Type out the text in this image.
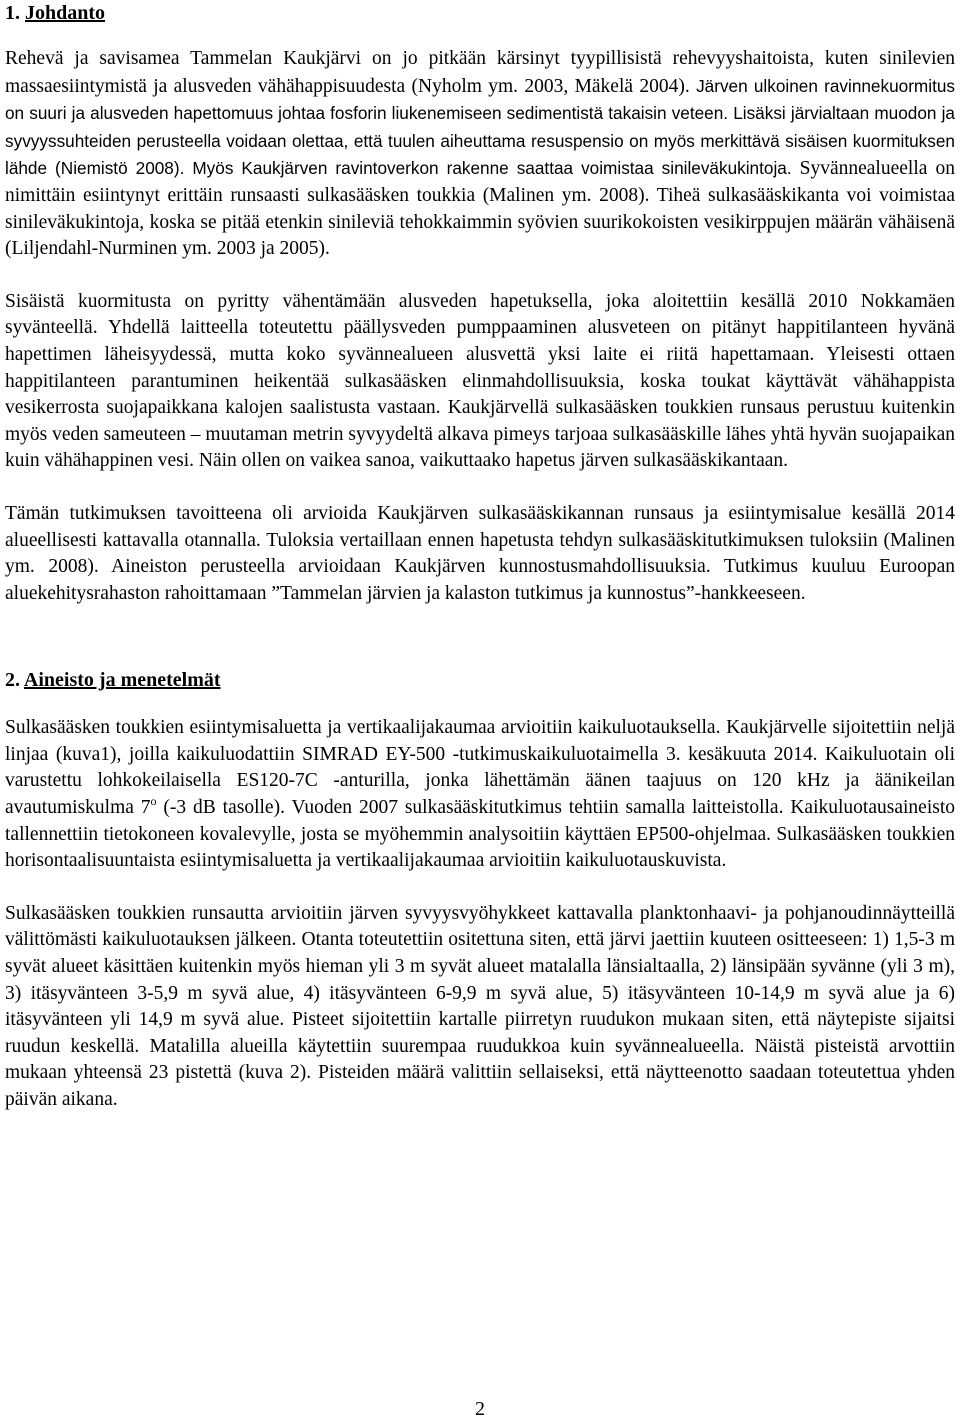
1. Johdanto

Rehevä ja savisamea Tammelan Kaukjärvi on jo pitkään kärsinyt tyypillisistä rehevyyshaitoista, kuten sinilevien massaesiintymistä ja alusveden vähähappisuudesta (Nyholm ym. 2003, Mäkelä 2004). Järven ulkoinen ravinnekuormitus on suuri ja alusveden hapettomuus johtaa fosforin liukenemiseen sedimentistä takaisin veteen. Lisäksi järvialtaan muodon ja syvyyssuhteiden perusteella voidaan olettaa, että tuulen aiheuttama resuspensio on myös merkittävä sisäisen kuormituksen lähde (Niemistö 2008). Myös Kaukjärven ravintoverkon rakenne saattaa voimistaa sinileväkukintoja. Syvännealueella on nimittäin esiintynyt erittäin runsaasti sulkasääsken toukkia (Malinen ym. 2008). Tiheä sulkasääskikanta voi voimistaa sinileväkukintoja, koska se pitää etenkin sinileviä tehokkaimmin syövien suurikokoisten vesikirppujen määrän vähäisenä (Liljendahl-Nurminen ym. 2003 ja 2005).

Sisäistä kuormitusta on pyritty vähentämään alusveden hapetuksella, joka aloitettiin kesällä 2010 Nokkamäen syvänteellä. Yhdellä laitteella toteutettu päällysveden pumppaaminen alusveteen on pitänyt happitilanteen hyvänä hapettimen läheisyydessä, mutta koko syvännealueen alusvettä yksi laite ei riitä hapettamaan. Yleisesti ottaen happitilanteen parantuminen heikentää sulkasääsken elinmahdollisuuksia, koska toukat käyttävät vähähappista vesikerrosta suojapaikkana kalojen saalistusta vastaan. Kaukjärvellä sulkasääsken toukkien runsaus perustuu kuitenkin myös veden sameuteen – muutaman metrin syvyydeltä alkava pimeys tarjoaa sulkasääskille lähes yhtä hyvän suojapaikan kuin vähähappinen vesi. Näin ollen on vaikea sanoa, vaikuttaako hapetus järven sulkasääskikantaan.

Tämän tutkimuksen tavoitteena oli arvioida Kaukjärven sulkasääskikannan runsaus ja esiintymisalue kesällä 2014 alueellisesti kattavalla otannalla. Tuloksia vertaillaan ennen hapetusta tehdyn sulkasääskitutkimuksen tuloksiin (Malinen ym. 2008). Aineiston perusteella arvioidaan Kaukjärven kunnostusmahdollisuuksia. Tutkimus kuuluu Euroopan aluekehitysrahaston rahoittamaan ”Tammelan järvien ja kalaston tutkimus ja kunnostus”-hankkeeseen.

2. Aineisto ja menetelmät

Sulkasääsken toukkien esiintymisaluetta ja vertikaalijakaumaa arvioitiin kaikuluotauksella. Kaukjärvelle sijoitettiin neljä linjaa (kuva1), joilla kaikuluodattiin SIMRAD EY-500 -tutkimuskaikuluotaimella 3. kesäkuuta 2014. Kaikuluotain oli varustettu lohkokeilaisella ES120-7C -anturilla, jonka lähettämän äänen taajuus on 120 kHz ja äänikeilan avautumiskulma 7$^o$ (-3 dB tasolle). Vuoden 2007 sulkasääskitutkimus tehtiin samalla laitteistolla. Kaikuluotausaineisto tallennettiin tietokoneen kovalevylle, josta se myöhemmin analysoitiin käyttäen EP500-ohjelmaa. Sulkasääsken toukkien horisontaalisuuntaista esiintymisaluetta ja vertikaalijakaumaa arvioitiin kaikuluotauskuvista.

Sulkasääsken toukkien runsautta arvioitiin järven syvyysvyöhykkeet kattavalla planktonhaavi- ja pohjanoudinnäytteillä välittömästi kaikuluotauksen jälkeen. Otanta toteutettiin ositettuna siten, että järvi jaettiin kuuteen ositteeseen: 1) 1,5-3 m syvät alueet käsittäen kuitenkin myös hieman yli 3 m syvät alueet matalalla länsialtaalla, 2) länsipään syvänne (yli 3 m), 3) itäsyvänteen 3-5,9 m syvä alue, 4) itäsyvänteen 6-9,9 m syvä alue, 5) itäsyvänteen 10-14,9 m syvä alue ja 6) itäsyvänteen yli 14,9 m syvä alue. Pisteet sijoitettiin kartalle piirretyn ruudukon mukaan siten, että näytepiste sijaitsi ruudun keskellä. Matalilla alueilla käytettiin suurempaa ruudukkoa kuin syvännealueella. Näistä pisteistä arvottiin mukaan yhteensä 23 pistettä (kuva 2). Pisteiden määrä valittiin sellaiseksi, että näytteenotto saadaan toteutettua yhden päivän aikana.

2
